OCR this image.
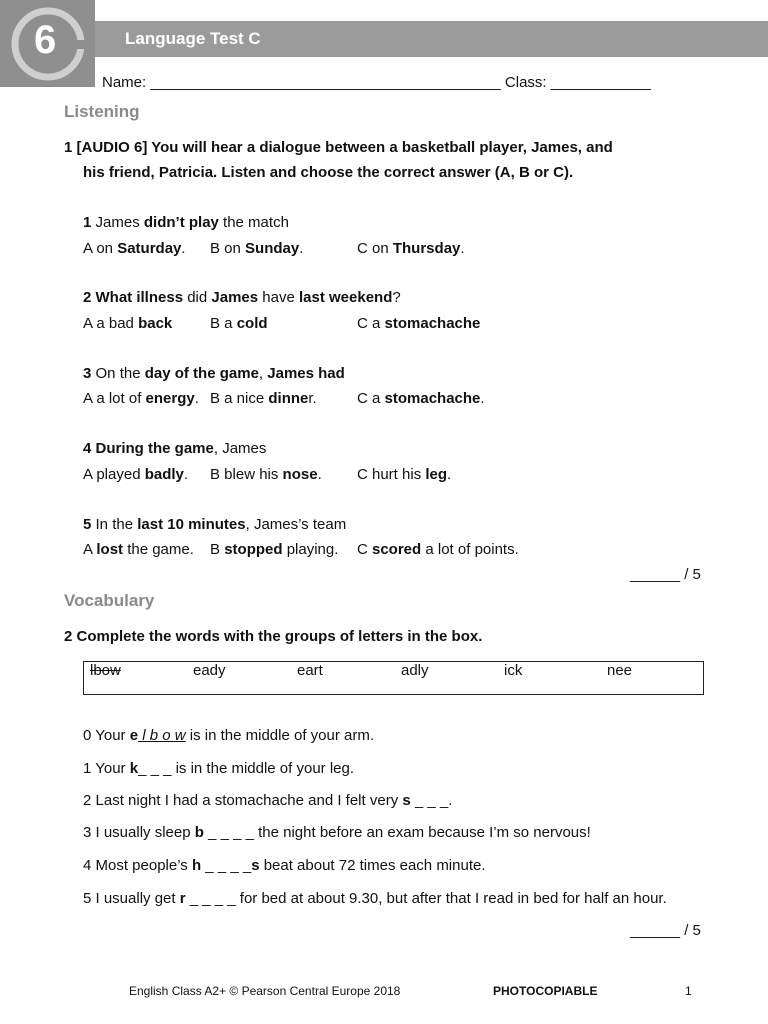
6	Language Test C
Name: __________________________________________ Class: ____________
Listening
1 [AUDIO 6] You will hear a dialogue between a basketball player, James, and
his friend, Patricia. Listen and choose the correct answer (A, B or C).
1 James didn’t play the match
A on Saturday. B on Sunday.	C on Thursday.
2 What illness did James have last weekend?
A a bad back	B a cold	C a stomachache
3 On the day of the game, James had
A a lot of energy. B a nice dinner.	C a stomachache.
4 During the game, James
A played badly. B blew his nose. C hurt his leg.
5 In the last 10 minutes, James’s team
A lost the game. B stopped playing. C scored a lot of points.
______ / 5
Vocabulary
2 Complete the words with the groups of letters in the box.
lbow	eady	eart	adly	ick	nee
0 Your e l b o w is in the middle of your arm.
1 Your k_ _ _ is in the middle of your leg.
2 Last night I had a stomachache and I felt very s _ _ _.
3 I usually sleep b _ _ _ _ the night before an exam because I’m so nervous!
4 Most people’s h _ _ _ _s beat about 72 times each minute.
5 I usually get r _ _ _ _ for bed at about 9.30, but after that I read in bed for half an hour.
______ / 5
English Class A2+ © Pearson Central Europe 2018	PHOTOCOPIABLE	1
